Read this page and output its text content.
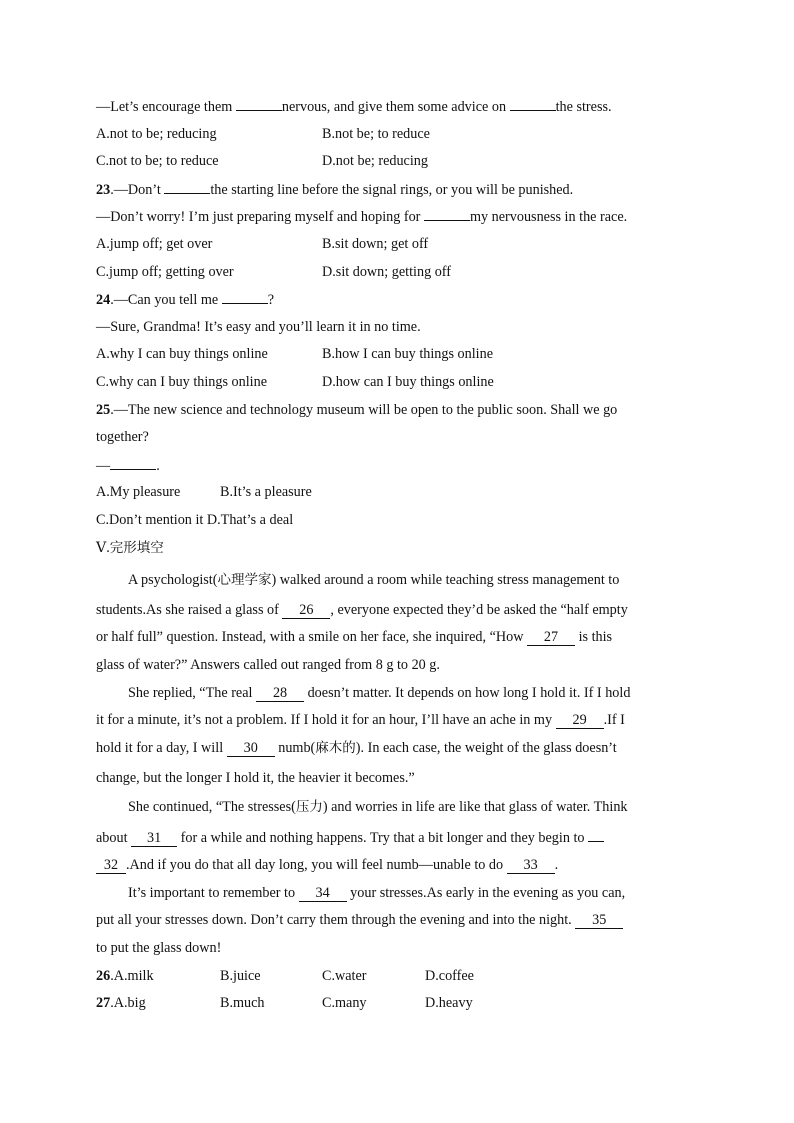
—Let’s encourage them	nervous, and give them some advice on	the stress.
A.not to be; reducing	B.not be; to reduce
C.not to be; to reduce	D.not be; reducing
23.—Don’t	the starting line before the signal rings, or you will be punished.
—Don’t worry! I’m just preparing myself and hoping for	my nervousness in the race.
A.jump off; get over	B.sit down; get off
C.jump off; getting over	D.sit down; getting off
24.—Can you tell me	?
—Sure, Grandma! It’s easy and you’ll learn it in no time.
A.why I can buy things online	B.how I can buy things online
C.why can I buy things online	D.how can I buy things online
25.—The new science and technology museum will be open to the public soon. Shall we go
together?
—	.
A.My pleasure	B.It’s a pleasure
C.Don’t mention it D.That’s a deal
Ⅴ.完形填空
A psychologist(心理学家) walked around a room while teaching stress management to
students.As she raised a glass of 26 , everyone expected they’d be asked the “half empty
or half full” question. Instead, with a smile on her face, she inquired, “How 27 is this
glass of water?” Answers called out ranged from 8 g to 20 g.
She replied, “The real 28 doesn’t matter. It depends on how long I hold it. If I hold
it for a minute, it’s not a problem. If I hold it for an hour, I’ll have an ache in my 29 .If I
hold it for a day, I will 30 numb(麻木的). In each case, the weight of the glass doesn’t
change, but the longer I hold it, the heavier it becomes.”
She continued, “The stresses(压力) and worries in life are like that glass of water. Think
about 31 for a while and nothing happens. Try that a bit longer and they begin to
32 .And if you do that all day long, you will feel numb—unable to do 33 .
It’s important to remember to 34 your stresses.As early in the evening as you can,
put all your stresses down. Don’t carry them through the evening and into the night. 35
to put the glass down!
26.A.milk	B.juice	C.water	D.coffee
27.A.big	B.much	C.many	D.heavy
